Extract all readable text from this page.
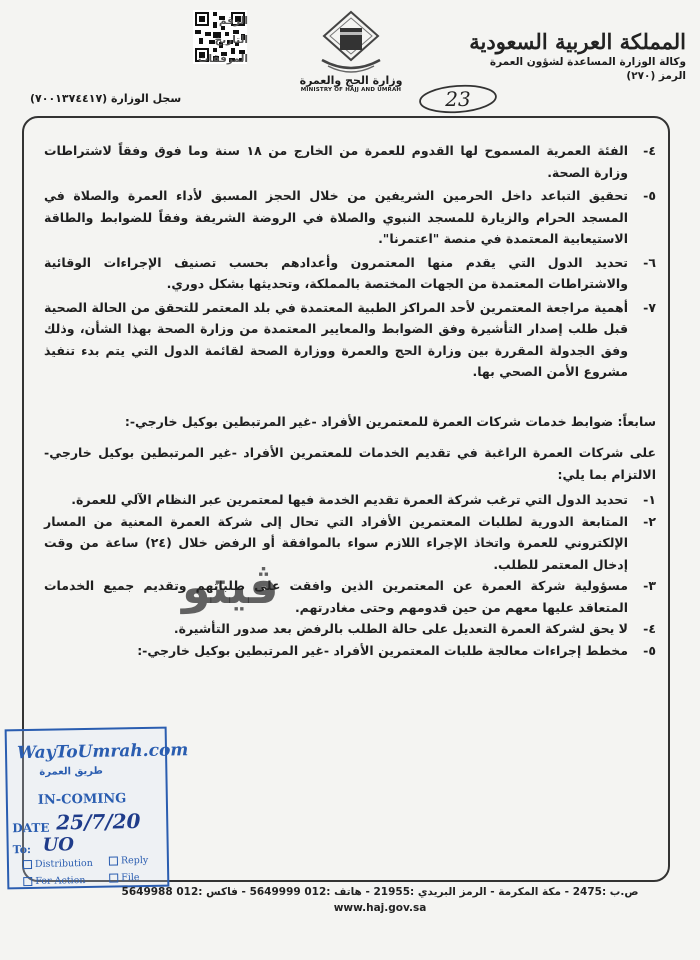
المملكة العربية السعودية
وكالة الوزارة المساعدة لشؤون العمرة
الرمز (٢٧٠)
وزارة الحج والعمرة
MINISTRY OF HAJJ AND UMRAH
الرقم
التاريخ
المرفقات
23
سجل الوزارة (٧٠٠١٣٧٤٤١٧)
٤-
الفئة العمرية المسموح لها القدوم للعمرة من الخارج من ١٨ سنة وما فوق وفقاً لاشتراطات وزارة الصحة.
٥-
تحقيق التباعد داخل الحرمين الشريفين من خلال الحجز المسبق لأداء العمرة والصلاة في المسجد الحرام والزيارة للمسجد النبوي والصلاة في الروضة الشريفة وفقاً للضوابط والطاقة الاستيعابية المعتمدة في منصة "اعتمرنا".
٦-
تحديد الدول التي يقدم منها المعتمرون وأعدادهم بحسب تصنيف الإجراءات الوقائية والاشتراطات المعتمدة من الجهات المختصة بالمملكة، وتحديثها بشكل دوري.
٧-
أهمية مراجعة المعتمرين لأحد المراكز الطبية المعتمدة في بلد المعتمر للتحقق من الحالة الصحية قبل طلب إصدار التأشيرة وفق الضوابط والمعايير المعتمدة من وزارة الصحة بهذا الشأن، وذلك وفق الجدولة المقررة بين وزارة الحج والعمرة ووزارة الصحة لقائمة الدول التي يتم بدء تنفيذ مشروع الأمن الصحي بها.
سابعاً: ضوابط خدمات شركات العمرة للمعتمرين الأفراد -غير المرتبطين بوكيل خارجي-:
على شركات العمرة الراغبة في تقديم الخدمات للمعتمرين الأفراد -غير المرتبطين بوكيل خارجي- الالتزام بما يلي:
١-
تحديد الدول التي ترغب شركة العمرة تقديم الخدمة فيها لمعتمرين عبر النظام الآلي للعمرة.
٢-
المتابعة الدورية لطلبات المعتمرين الأفراد التي تحال إلى شركة العمرة المعنية من المسار الإلكتروني للعمرة واتخاذ الإجراء اللازم سواء بالموافقة أو الرفض خلال (٢٤) ساعة من وقت إدخال المعتمر للطلب.
٣-
مسؤولية شركة العمرة عن المعتمرين الذين وافقت على طلباتهم وتقديم جميع الخدمات المتعاقد عليها معهم من حين قدومهم وحتى مغادرتهم.
٤-
لا يحق لشركة العمرة التعديل على حالة الطلب بالرفض بعد صدور التأشيرة.
٥-
مخطط إجراءات معالجة طلبات المعتمرين الأفراد -غير المرتبطين بوكيل خارجي-:
ڤيتو
WayToUmrah.com
طريق العمرة
IN-COMING
DATE 25/7/20
To: UO
Distribution	Reply
For Action	File
ص.ب :2475 - مكة المكرمة - الرمز البريدي :21955 - هاتف :012 5649999 - فاكس :012 5649988
www.haj.gov.sa
